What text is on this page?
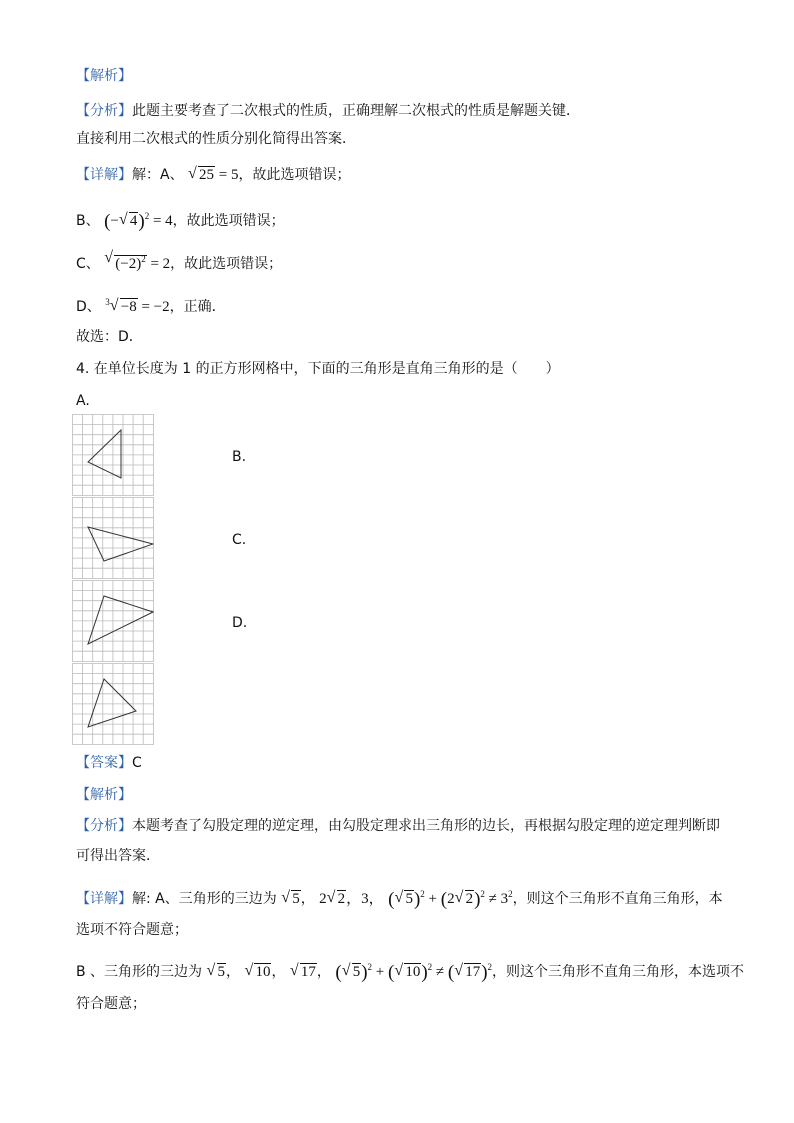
【解析】
【分析】此题主要考查了二次根式的性质，正确理解二次根式的性质是解题关键．
直接利用二次根式的性质分别化简得出答案．
【详解】解：A、 √ 25 = 5，故此选项错误；
B、 (− √ 4)$^2$ = 4，故此选项错误；
C、 √ $(-2)^2 = 2$，故此选项错误；
D、 $^3$ √ −8 = −2，正确．
故选：D．
4. 在单位长度为 1 的正方形网格中，下面的三角形是直角三角形的是（　　）
A.
B.
C.
D.
【答案】C
【解析】
【分析】本题考查了勾股定理的逆定理，由勾股定理求出三角形的边长，再根据勾股定理的逆定理判断即
可得出答案．
【详解】解: A、三角形的三边为 √ 5， 2 √ 2，3， ( √ 5)$^2$ + (2 √ $2)^2 \ne 3^2$，则这个三角形不直角三角形，本
选项不符合题意；
B 、三角形的三边为 √ 5， √ 10， √ 17， ( √ 5)$^2$ + ( √ 10)$^2$ ≠ ( √ 17)$^2$，则这个三角形不直角三角形，本选项不
符合题意；
